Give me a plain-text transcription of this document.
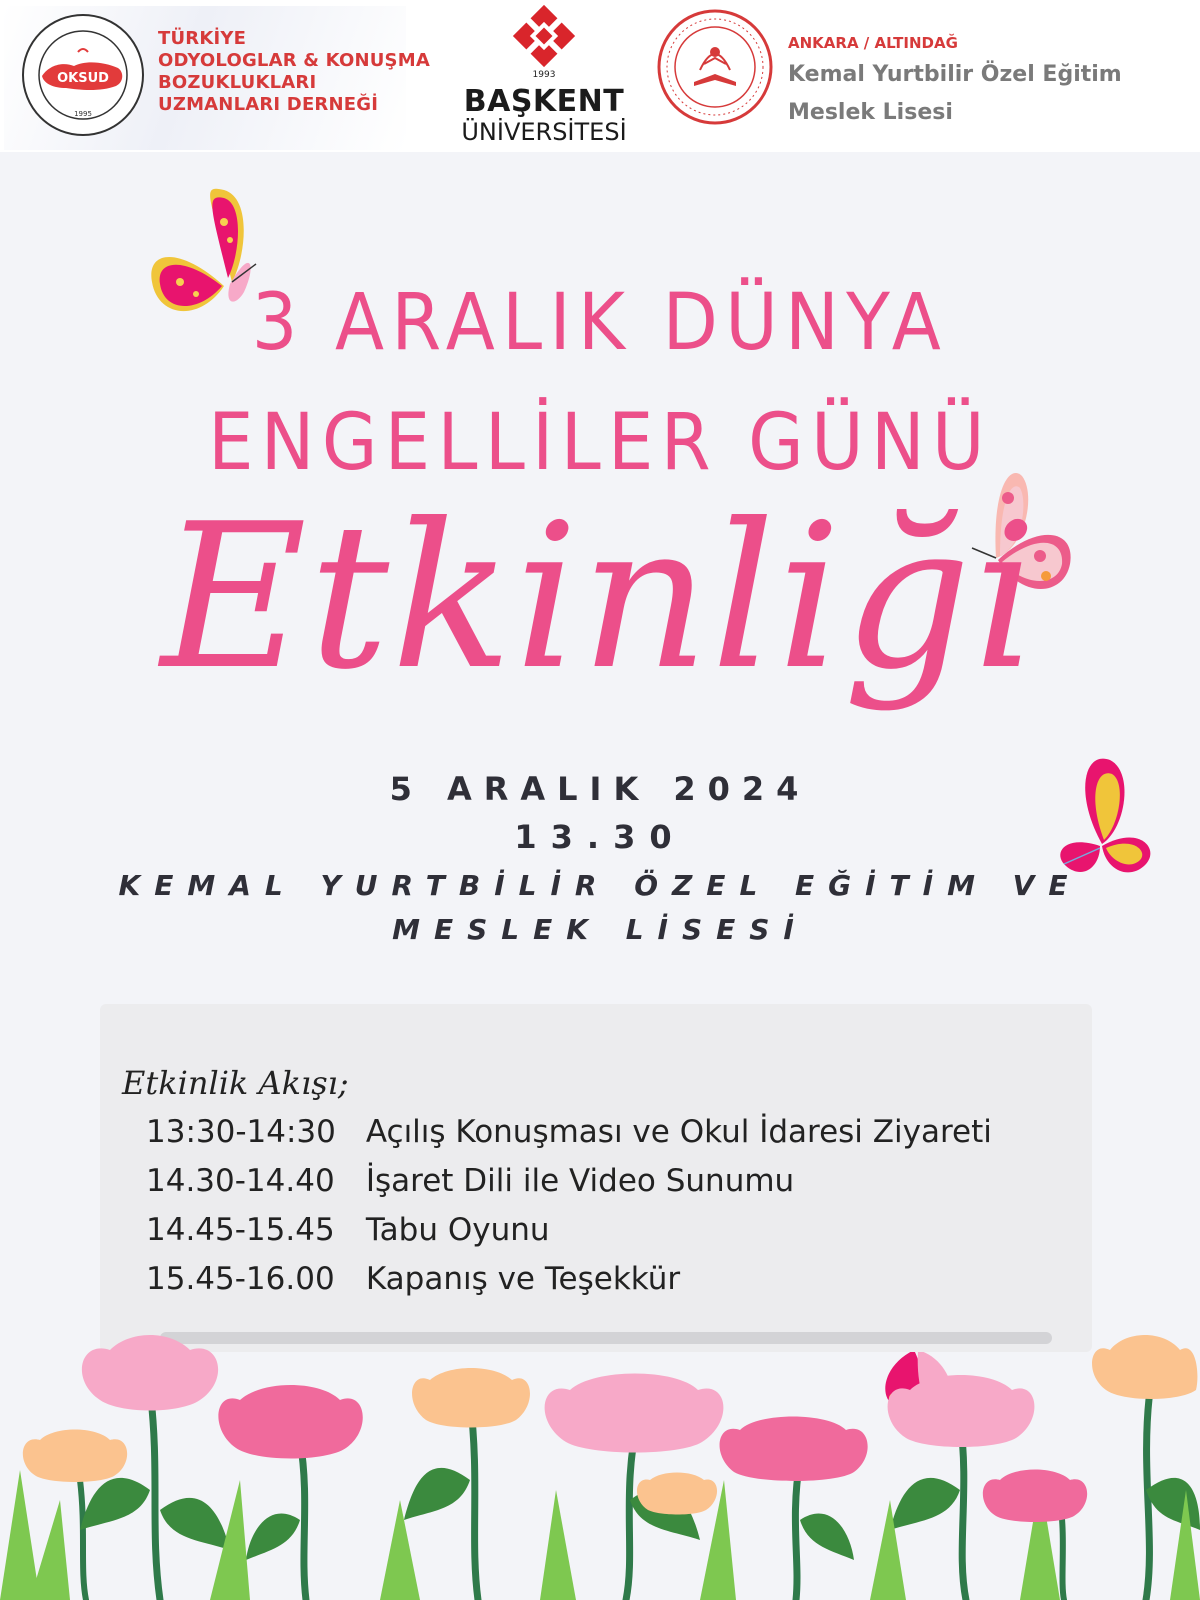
OKSUD
1995
TÜRKİYE
ODYOLOGLAR & KONUŞMA
BOZUKLUKLARI
UZMANLARI DERNEĞİ
1993
BAŞKENT
ÜNİVERSİTESİ
ANKARA / ALTINDAĞ
Kemal Yurtbilir Özel Eğitim Meslek Lisesi
3 ARALIK DÜNYA
ENGELLİLER GÜNÜ
Etkinliği
5 ARALIK 2024
13.30
KEMAL YURTBİLİR ÖZEL EĞİTİM VE
MESLEK LİSESİ
Etkinlik Akışı;
13:30-14:30 Açılış Konuşması ve Okul İdaresi Ziyareti
14.30-14.40 İşaret Dili ile Video Sunumu
14.45-15.45 Tabu Oyunu
15.45-16.00 Kapanış ve Teşekkür
